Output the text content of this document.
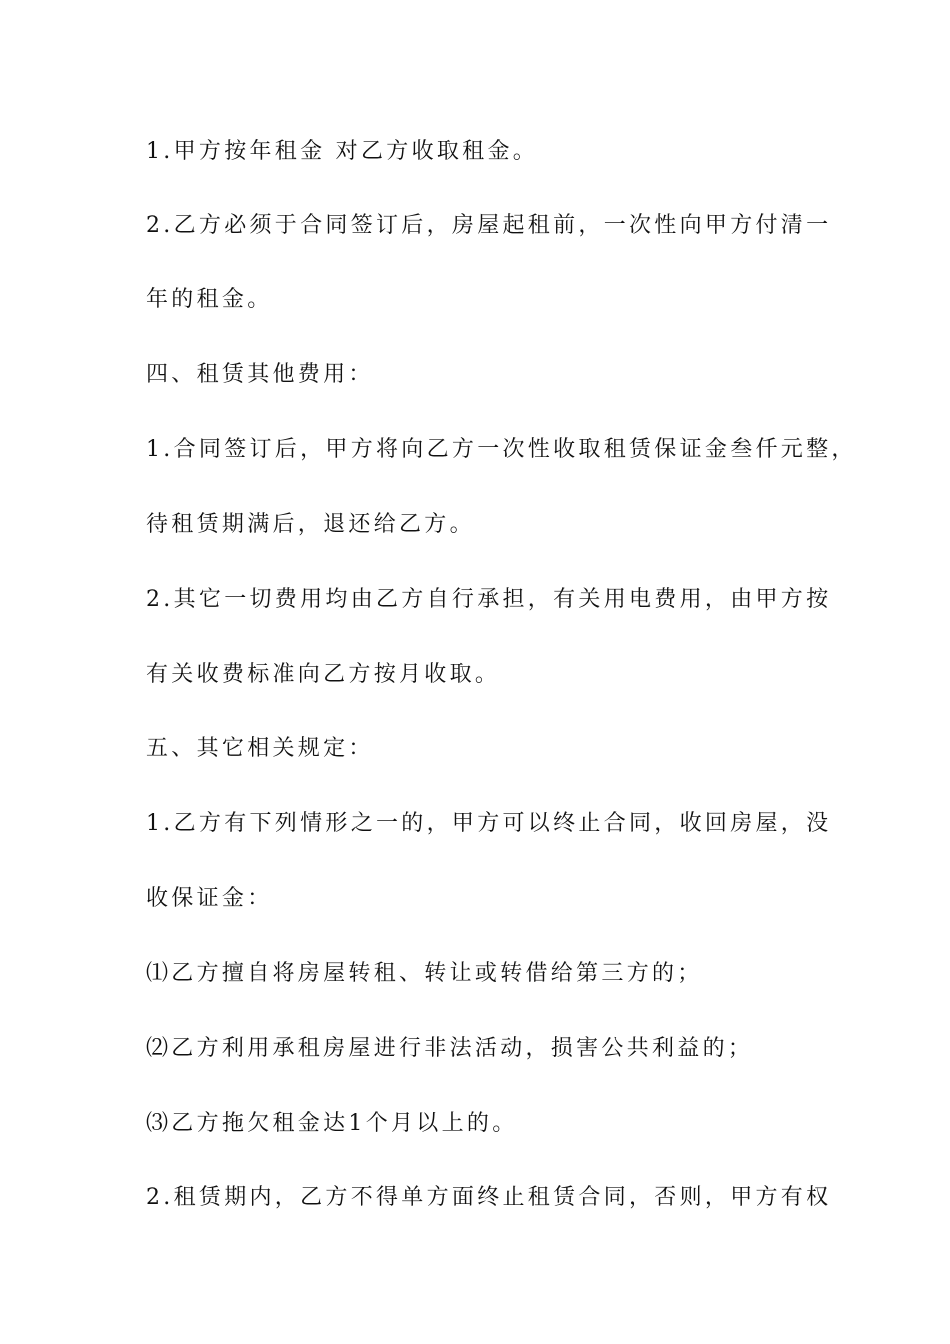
1.甲方按年租金 对乙方收取租金。
2.乙方必须于合同签订后，房屋起租前，一次性向甲方付清一
年的租金。
四、租赁其他费用：
1.合同签订后，甲方将向乙方一次性收取租赁保证金叁仟元整，
待租赁期满后，退还给乙方。
2.其它一切费用均由乙方自行承担，有关用电费用，由甲方按
有关收费标准向乙方按月收取。
五、其它相关规定：
1.乙方有下列情形之一的，甲方可以终止合同，收回房屋，没
收保证金：
⑴乙方擅自将房屋转租、转让或转借给第三方的；
⑵乙方利用承租房屋进行非法活动，损害公共利益的；
⑶乙方拖欠租金达1个月以上的。
2.租赁期内，乙方不得单方面终止租赁合同，否则，甲方有权
